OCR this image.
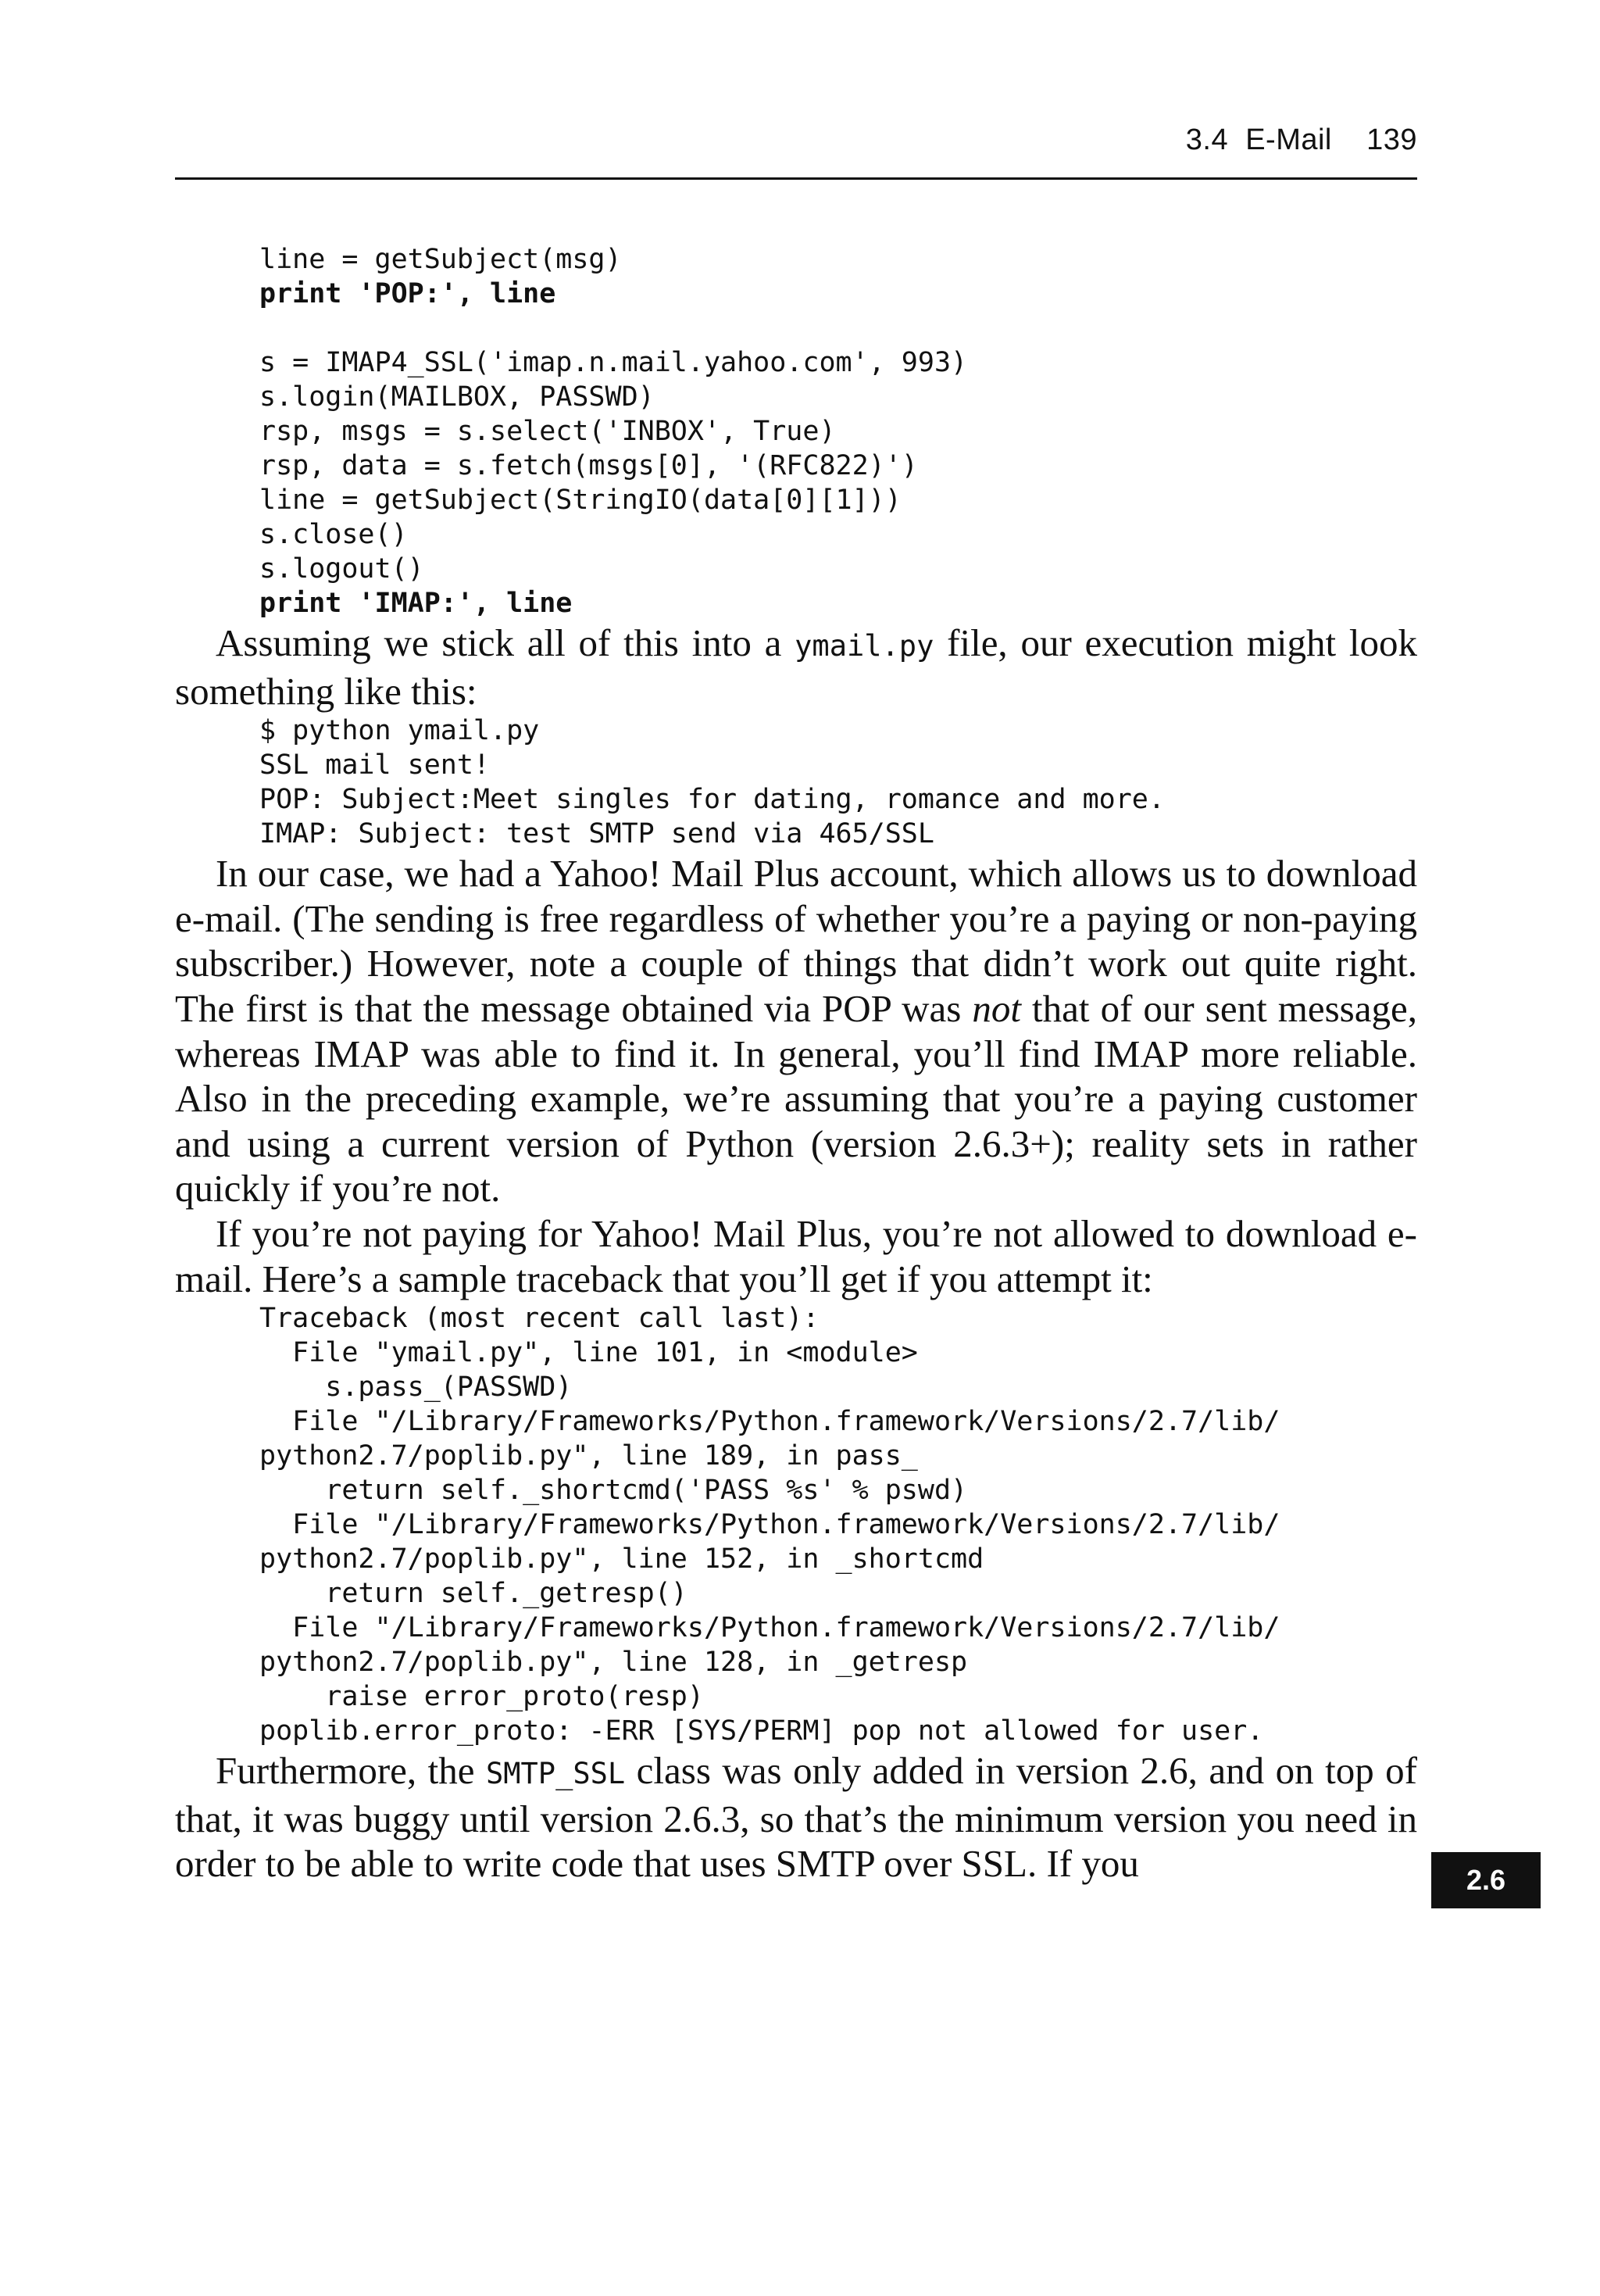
3.4  E-Mail    139
line = getSubject(msg)
print 'POP:', line

s = IMAP4_SSL('imap.n.mail.yahoo.com', 993)
s.login(MAILBOX, PASSWD)
rsp, msgs = s.select('INBOX', True)
rsp, data = s.fetch(msgs[0], '(RFC822)')
line = getSubject(StringIO(data[0][1]))
s.close()
s.logout()
print 'IMAP:', line

Assuming we stick all of this into a ymail.py file, our execution might look something like this:

$ python ymail.py
SSL mail sent!
POP: Subject:Meet singles for dating, romance and more.
IMAP: Subject: test SMTP send via 465/SSL

In our case, we had a Yahoo! Mail Plus account, which allows us to download e-mail. (The sending is free regardless of whether you’re a paying or non-paying subscriber.) However, note a couple of things that didn’t work out quite right. The first is that the message obtained via POP was not that of our sent message, whereas IMAP was able to find it. In general, you’ll find IMAP more reliable. Also in the preceding example, we’re assuming that you’re a paying customer and using a current version of Python (version 2.6.3+); reality sets in rather quickly if you’re not.

If you’re not paying for Yahoo! Mail Plus, you’re not allowed to download e-mail. Here’s a sample traceback that you’ll get if you attempt it:

Traceback (most recent call last):
File "ymail.py", line 101, in <module>
s.pass_(PASSWD)
File "/Library/Frameworks/Python.framework/Versions/2.7/lib/
python2.7/poplib.py", line 189, in pass_
return self._shortcmd('PASS %s' % pswd)
File "/Library/Frameworks/Python.framework/Versions/2.7/lib/
python2.7/poplib.py", line 152, in _shortcmd
return self._getresp()
File "/Library/Frameworks/Python.framework/Versions/2.7/lib/
python2.7/poplib.py", line 128, in _getresp
raise error_proto(resp)
poplib.error_proto: -ERR [SYS/PERM] pop not allowed for user.

Furthermore, the SMTP_SSL class was only added in version 2.6, and on top of that, it was buggy until version 2.6.3, so that’s the minimum version you need in order to be able to write code that uses SMTP over SSL. If you	2.6
